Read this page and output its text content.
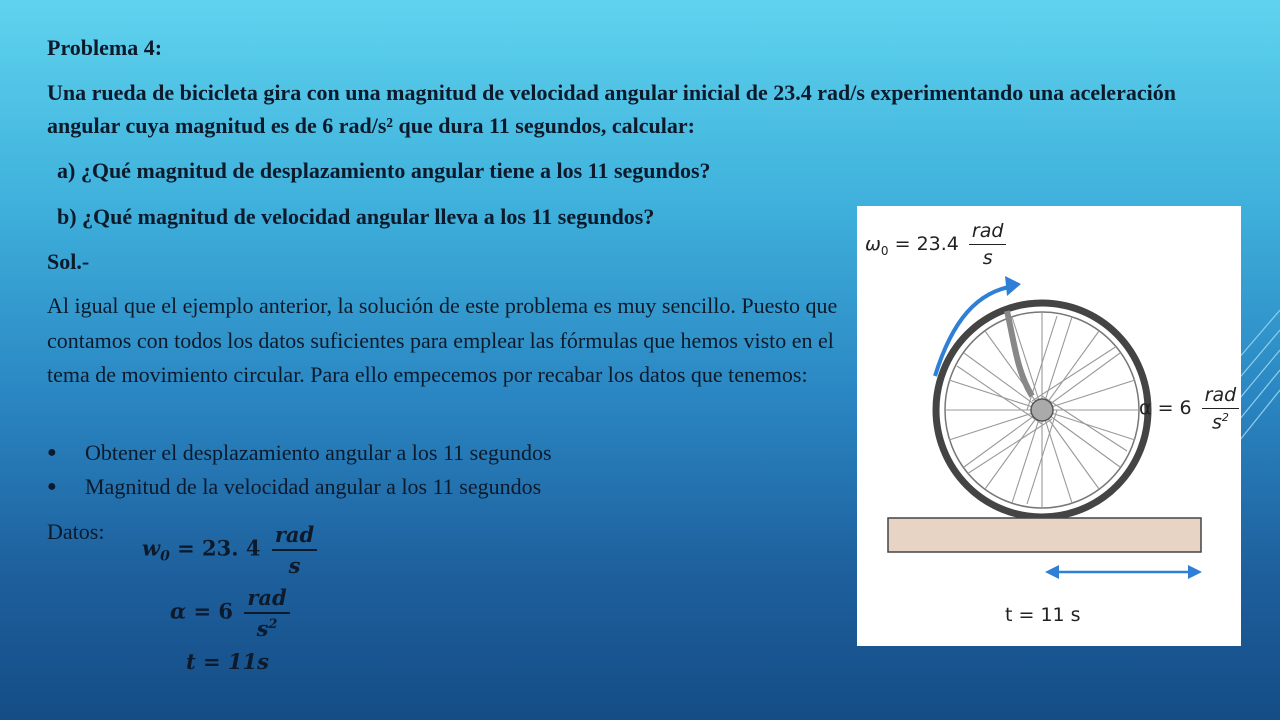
Problema 4:
Una rueda de bicicleta gira con una magnitud de velocidad angular inicial de 23.4 rad/s experimentando una aceleración angular cuya magnitud es de 6 rad/s² que dura 11 segundos, calcular:
a) ¿Qué magnitud de desplazamiento angular tiene a los 11 segundos?
b) ¿Qué magnitud de velocidad angular lleva a los 11 segundos?
Sol.-
Al igual que el ejemplo anterior, la solución de este problema es muy sencillo. Puesto que contamos con todos los datos suficientes para emplear las fórmulas que hemos visto en el tema de movimiento circular. Para ello empecemos por recabar los datos que tenemos:
●	Obtener el desplazamiento angular a los 11 segundos
●	Magnitud de la velocidad angular a los 11 segundos
Datos:
$w_0 = 23$. $4 \frac{\text{rad}}{s}$
$\alpha = 6 \frac{\text{rad}}{s^2}$
t = 11s
$\omega_0 = 23.4 \frac{\text{rad}}{s}$
$\alpha = 6 \frac{\text{rad}}{s^2}$
t = 11 s
